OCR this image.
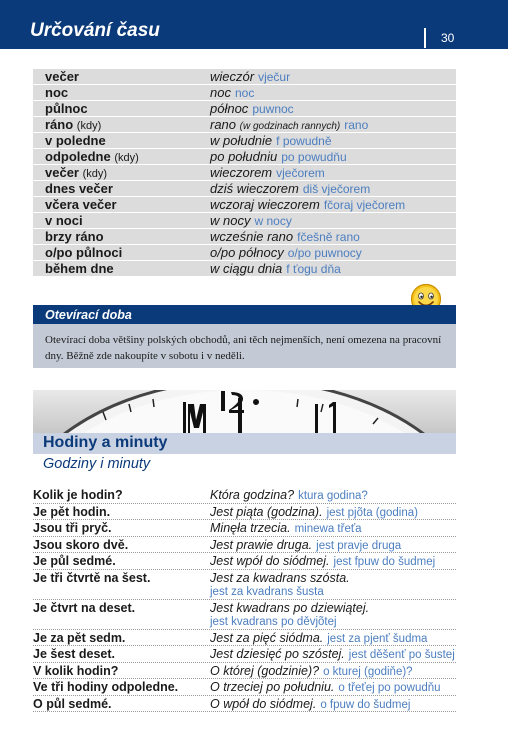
Určování času	30
večer	wieczór vječur
noc	noc noc
půlnoc	północ puwnoc
ráno (kdy)	rano (w godzinach rannych) rano
v poledne	w południe f powudně
odpoledne (kdy)	po południu po powudňu
večer (kdy)	wieczorem vječorem
dnes večer	dziś wieczorem diš vječorem
včera večer	wczoraj wieczorem fčoraj vječorem
v noci	w nocy w nocy
brzy ráno	wcześnie rano fčešně rano
o/po půlnoci	o/po północy o/po puwnocy
během dne	w ciągu dnia f ťogu dňa
Otevírací doba

Otevírací doba většiny polských obchodů, ani těch nejmenších, není omezena na pracovní dny. Běžně zde nakoupíte v sobotu i v neděli.

Hodiny a minuty
Godziny i minuty
Kolik je hodin?	Która godzina? ktura godina?
Je pět hodin.	Jest piąta (godzina). jest pjõta (godina)
Jsou tři pryč.	Minęła trzecia. minewa třeťa
Jsou skoro dvě.	Jest prawie druga. jest pravje druga
Je půl sedmé.	Jest wpół do siódmej. jest fpuw do šudmej
Je tři čtvrtě na šest.	Jest za kwadrans szósta.
jest za kvadrans šusta
Je čtvrt na deset.	Jest kwadrans po dziewiątej.
jest kvadrans po děvjõtej
Je za pět sedm.	Jest za pięć siódma. jest za pjenť šudma
Je šest deset.	Jest dziesięć po szóstej. jest děšenť po šustej
V kolik hodin?	O której (godzinie)? o kturej (godiňe)?
Ve tři hodiny odpoledne.	O trzeciej po południu. o třeťej po powudňu
O půl sedmé.	O wpół do siódmej. o fpuw do šudmej
